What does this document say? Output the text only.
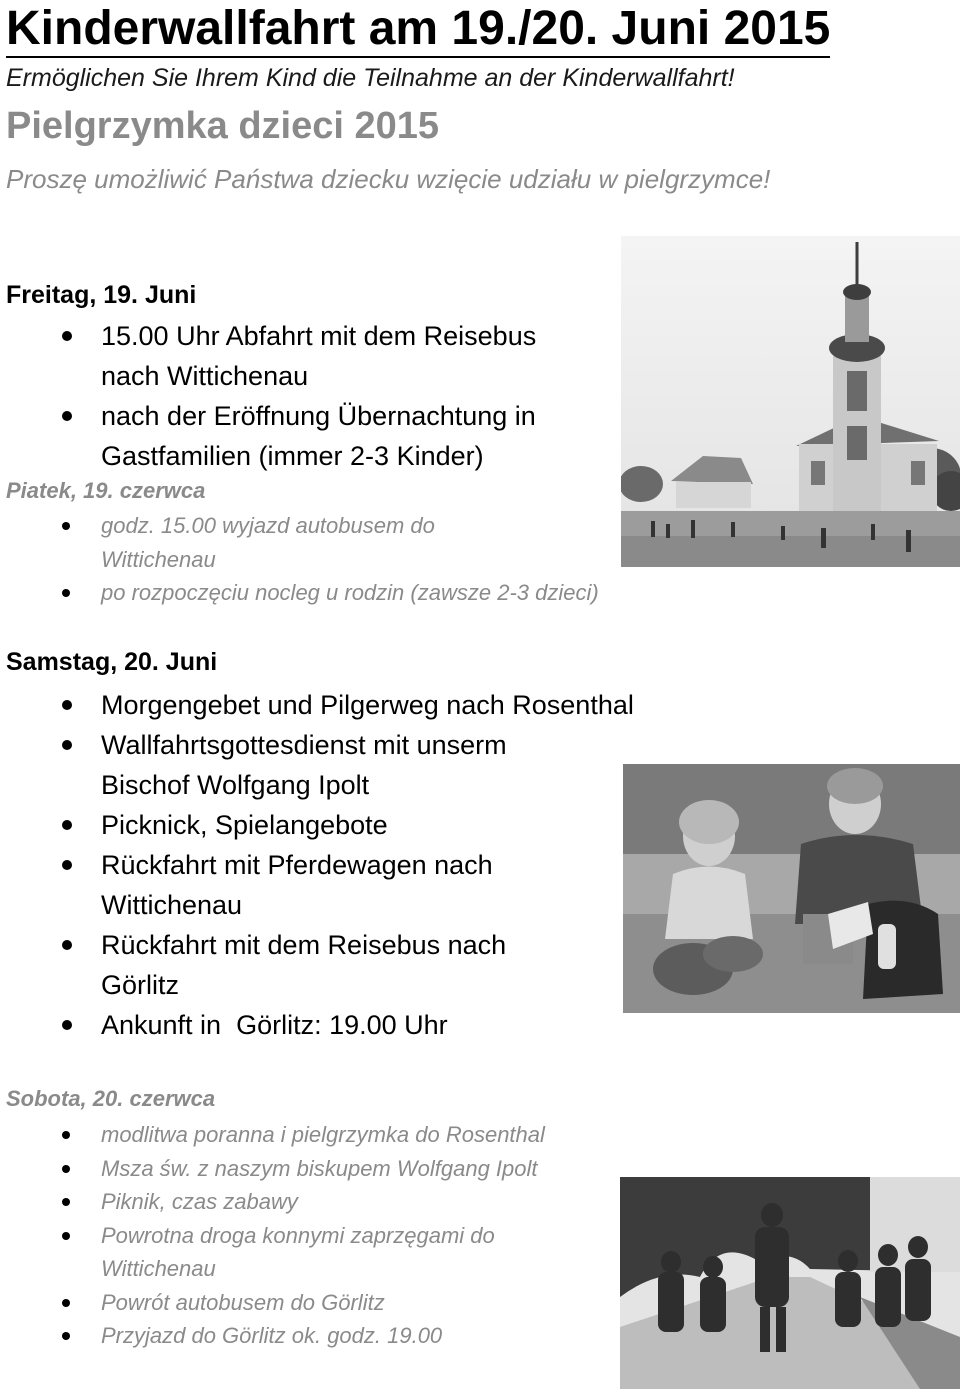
Kinderwallfahrt am 19./20. Juni 2015
Ermöglichen Sie Ihrem Kind die Teilnahme an der Kinderwallfahrt!
Pielgrzymka dzieci 2015
Proszę umożliwić Państwa dziecku wzięcie udziału w pielgrzymce!
Freitag, 19. Juni
15.00 Uhr Abfahrt mit dem Reisebus nach Wittichenau
nach der Eröffnung Übernachtung in Gastfamilien (immer 2-3 Kinder)
Piatek, 19. czerwca
godz. 15.00 wyjazd autobusem do Wittichenau
po rozpoczęciu nocleg u rodzin (zawsze 2-3 dzieci)
Samstag, 20. Juni
Morgengebet und Pilgerweg nach Rosenthal
Wallfahrtsgottesdienst mit unserm Bischof Wolfgang Ipolt
Picknick, Spielangebote
Rückfahrt mit Pferdewagen nach Wittichenau
Rückfahrt mit dem Reisebus nach Görlitz
Ankunft in  Görlitz: 19.00 Uhr
Sobota, 20. czerwca
modlitwa poranna i pielgrzymka do Rosenthal
Msza św. z naszym biskupem Wolfgang Ipolt
Piknik, czas zabawy
Powrotna droga konnymi zaprzęgami do Wittichenau
Powrót autobusem do Görlitz
Przyjazd do Görlitz ok. godz. 19.00
